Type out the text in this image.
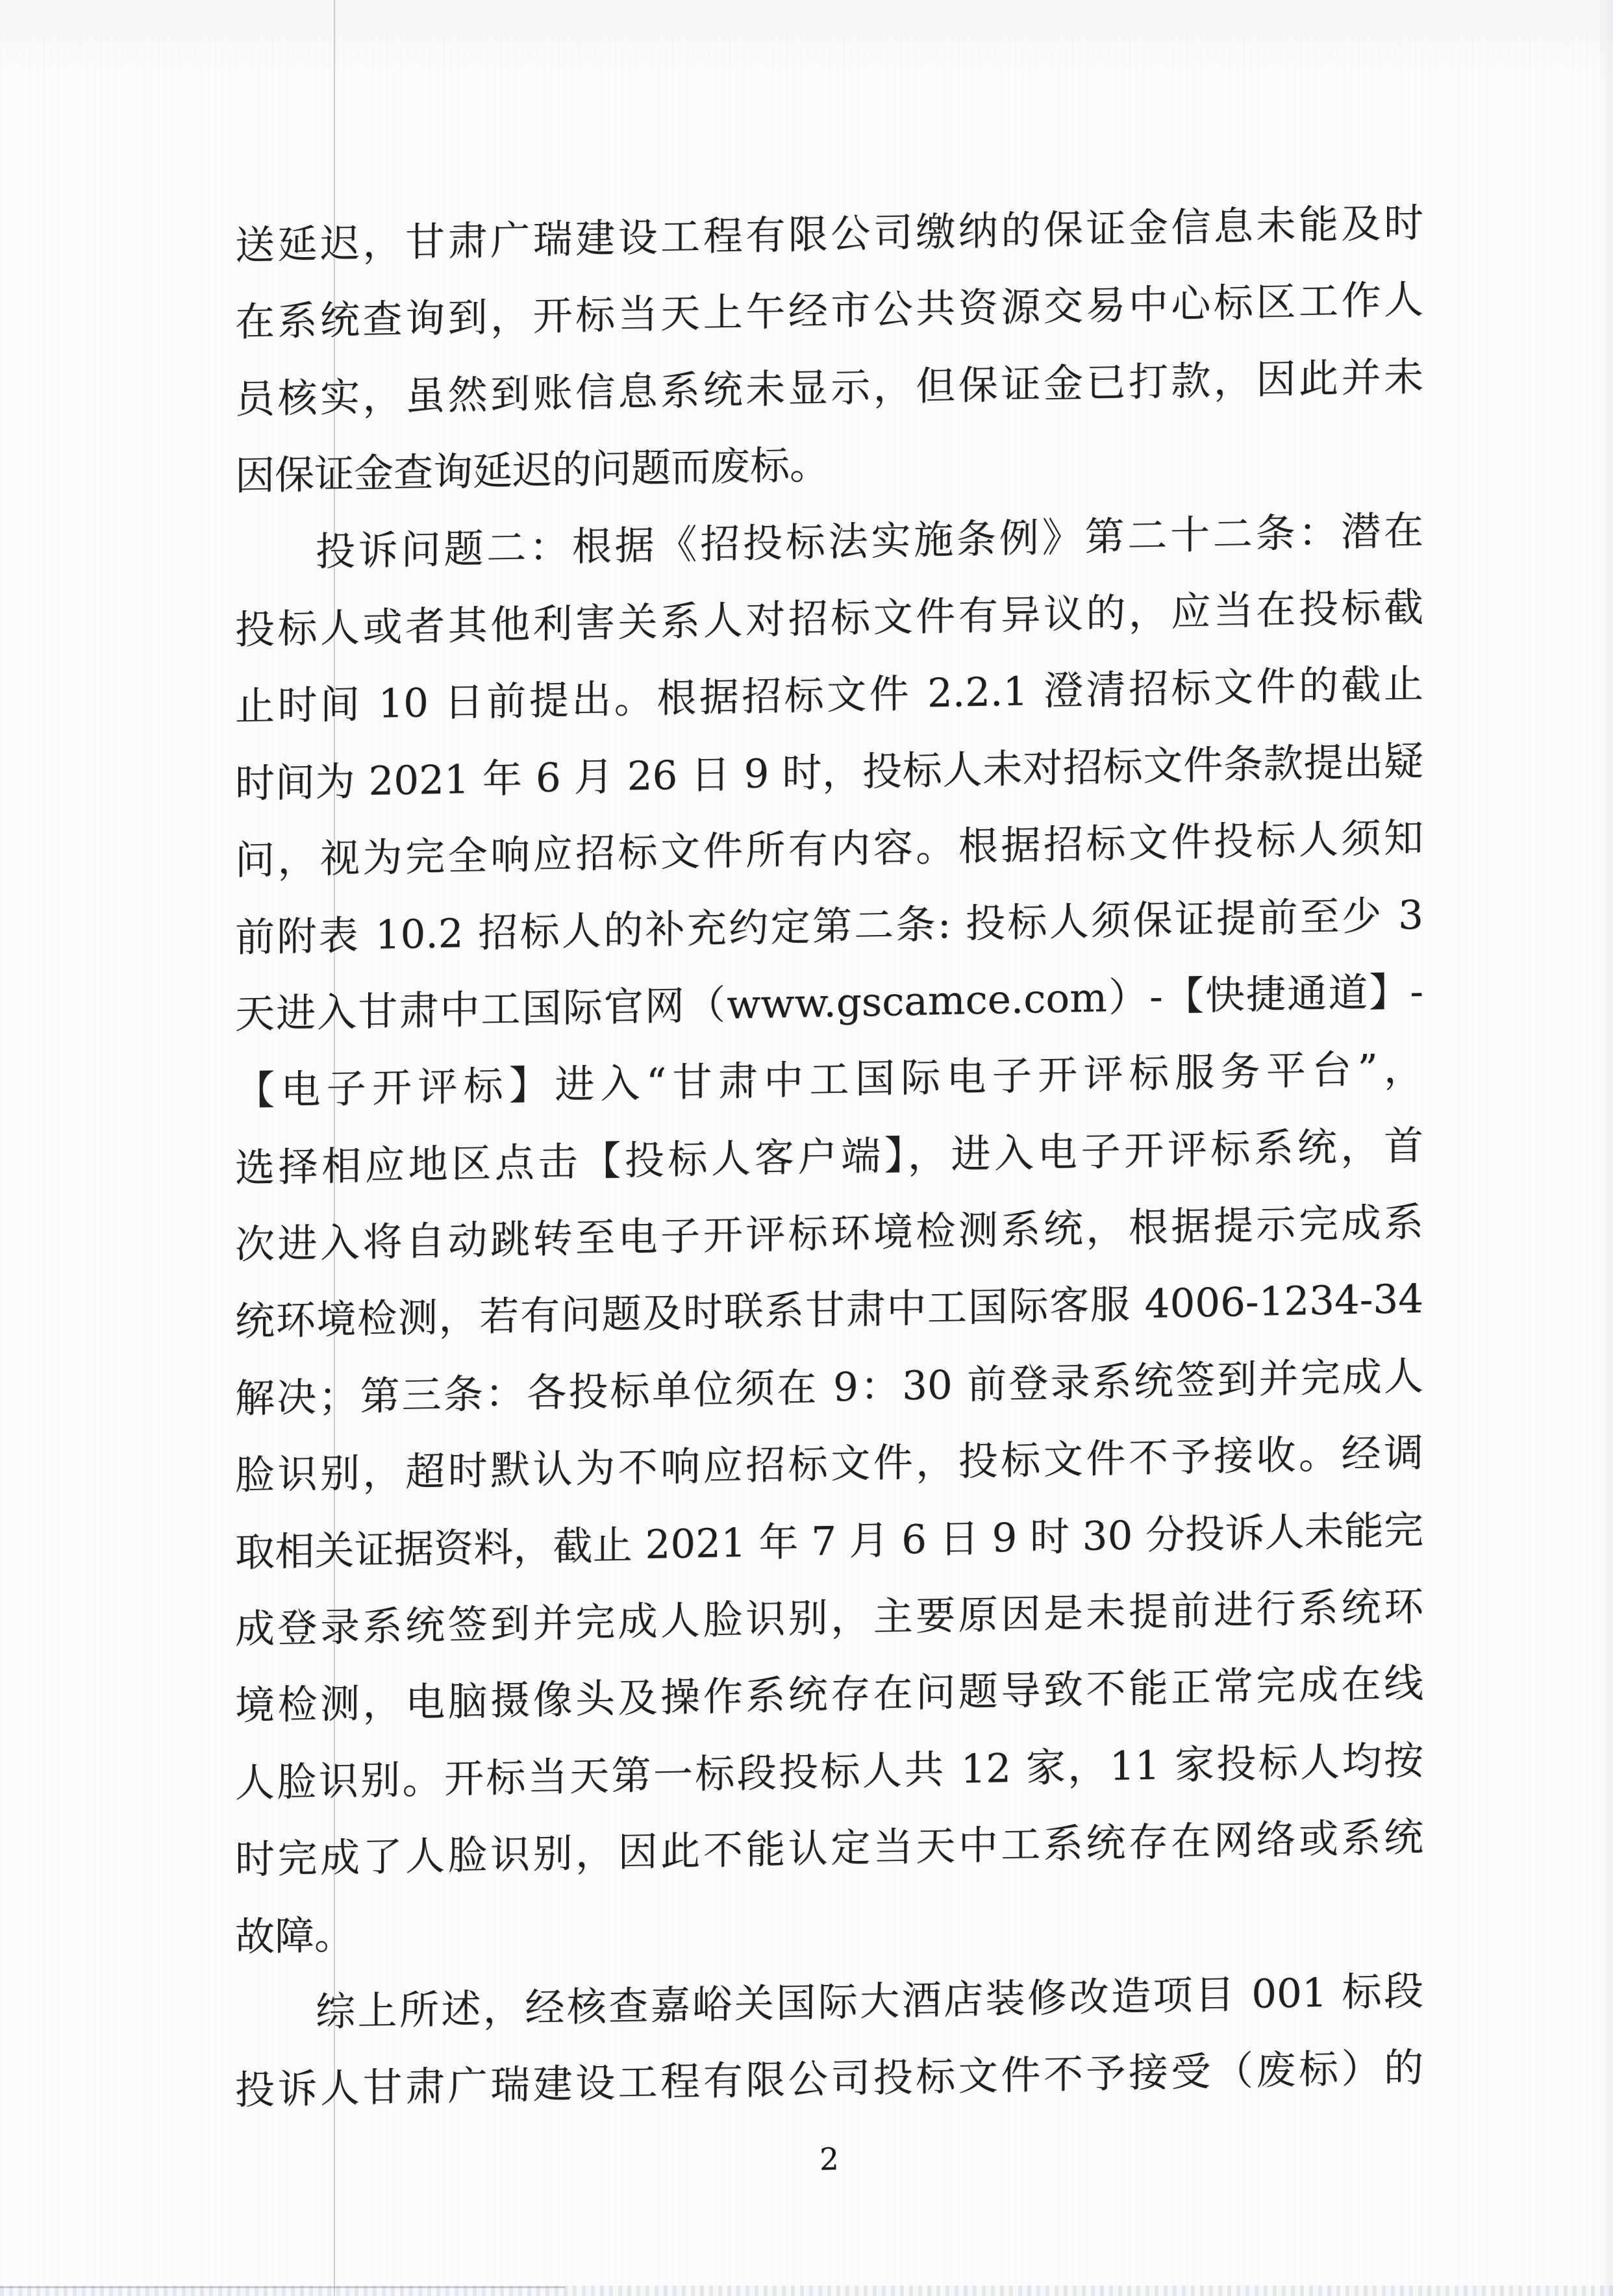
送延迟，甘肃广瑞建设工程有限公司缴纳的保证金信息未能及时
在系统查询到，开标当天上午经市公共资源交易中心标区工作人
员核实，虽然到账信息系统未显示，但保证金已打款，因此并未
因保证金查询延迟的问题而废标。
投诉问题二：根据《招投标法实施条例》第二十二条：潜在
投标人或者其他利害关系人对招标文件有异议的，应当在投标截
止时间 10 日前提出。根据招标文件 2.2.1 澄清招标文件的截止
时间为 2021 年 6 月 26 日 9 时，投标人未对招标文件条款提出疑
问，视为完全响应招标文件所有内容。根据招标文件投标人须知
前附表 10.2 招标人的补充约定第二条: 投标人须保证提前至少 3
天进入甘肃中工国际官网（www.gscamce.com）-【快捷通道】-
【电子开评标】进入“甘肃中工国际电子开评标服务平台”，
选择相应地区点击【投标人客户端】，进入电子开评标系统，首
次进入将自动跳转至电子开评标环境检测系统，根据提示完成系
统环境检测，若有问题及时联系甘肃中工国际客服 4006-1234-34
解决；第三条：各投标单位须在 9：30 前登录系统签到并完成人
脸识别，超时默认为不响应招标文件，投标文件不予接收。经调
取相关证据资料，截止 2021 年 7 月 6 日 9 时 30 分投诉人未能完
成登录系统签到并完成人脸识别，主要原因是未提前进行系统环
境检测，电脑摄像头及操作系统存在问题导致不能正常完成在线
人脸识别。开标当天第一标段投标人共 12 家，11 家投标人均按
时完成了人脸识别，因此不能认定当天中工系统存在网络或系统
故障。
综上所述，经核查嘉峪关国际大酒店装修改造项目 001 标段
投诉人甘肃广瑞建设工程有限公司投标文件不予接受（废标）的
2
